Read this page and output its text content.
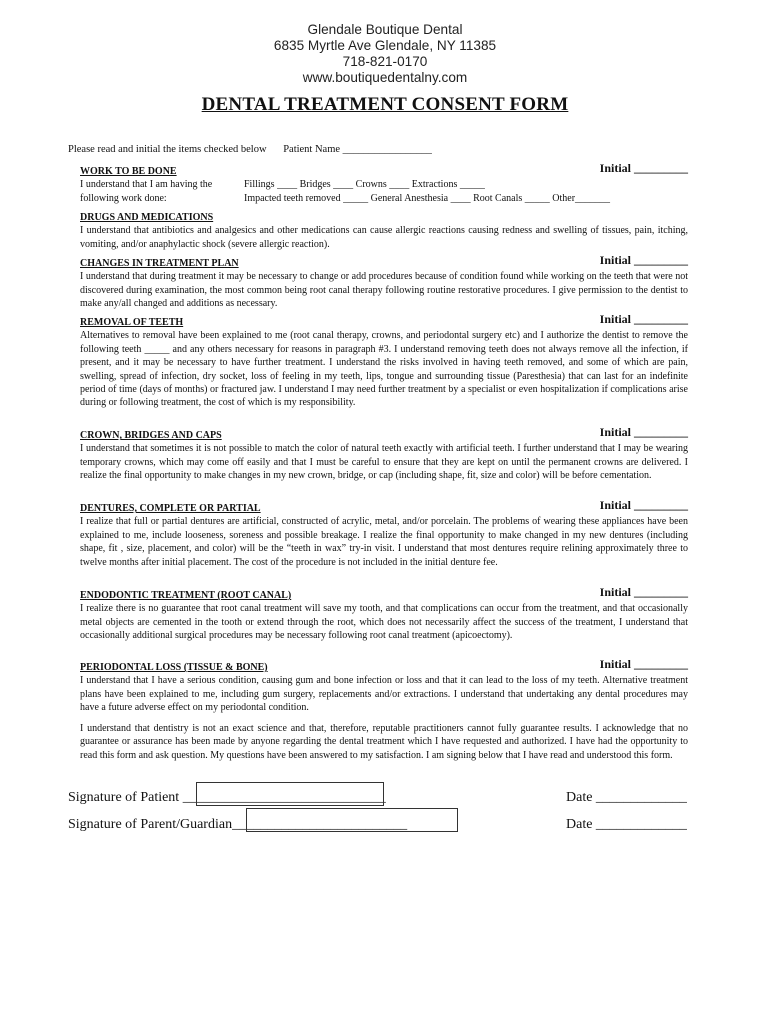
Glendale Boutique Dental
6835 Myrtle Ave Glendale, NY 11385
718-821-0170
www.boutiquedentalny.com
DENTAL TREATMENT CONSENT FORM
Please read and initial the items checked below Patient Name _________________
WORK TO BE DONE	Initial _________
I understand that I am having the following work done:
Fillings ____ Bridges ____ Crowns ____ Extractions _____
Impacted teeth removed _____ General Anesthesia ____ Root Canals _____ Other_______
DRUGS AND MEDICATIONS

I understand that antibiotics and analgesics and other medications can cause allergic reactions causing redness and swelling of tissues, pain, itching, vomiting, and/or anaphylactic shock (severe allergic reaction).

CHANGES IN TREATMENT PLAN	Initial _________

I understand that during treatment it may be necessary to change or add procedures because of condition found while working on the teeth that were not discovered during examination, the most common being root canal therapy following routine restorative procedures. I give permission to the dentist to make any/all changed and additions as necessary.

REMOVAL OF TEETH	Initial _________

Alternatives to removal have been explained to me (root canal therapy, crowns, and periodontal surgery etc) and I authorize the dentist to remove the following teeth _____ and any others necessary for reasons in paragraph #3. I understand removing teeth does not always remove all the infection, if present, and it may be necessary to have further treatment. I understand the risks involved in having teeth removed, and some of which are pain, swelling, spread of infection, dry socket, loss of feeling in my teeth, lips, tongue and surrounding tissue (Paresthesia) that can last for an indefinite period of time (days of months) or fractured jaw. I understand I may need further treatment by a specialist or even hospitalization if complications arise during or following treatment, the cost of which is my responsibility.

CROWN, BRIDGES AND CAPS	Initial _________

I understand that sometimes it is not possible to match the color of natural teeth exactly with artificial teeth. I further understand that I may be wearing temporary crowns, which may come off easily and that I must be careful to ensure that they are kept on until the permanent crowns are delivered. I realize the final opportunity to make changes in my new crown, bridge, or cap (including shape, fit, size and color) will be before cementation.

DENTURES, COMPLETE OR PARTIAL	Initial _________

I realize that full or partial dentures are artificial, constructed of acrylic, metal, and/or porcelain. The problems of wearing these appliances have been explained to me, include looseness, soreness and possible breakage. I realize the final opportunity to make changed in my new dentures (including shape, fit , size, placement, and color) will be the “teeth in wax” try-in visit. I understand that most dentures require relining approximately three to twelve months after initial placement. The cost of the procedure is not included in the initial denture fee.

ENDODONTIC TREATMENT (ROOT CANAL)	Initial _________

I realize there is no guarantee that root canal treatment will save my tooth, and that complications can occur from the treatment, and that occasionally metal objects are cemented in the tooth or extend through the root, which does not necessarily affect the success of the treatment, I understand that occasionally additional surgical procedures may be necessary following root canal treatment (apicoectomy).

PERIODONTAL LOSS (TISSUE & BONE)	Initial _________

I understand that I have a serious condition, causing gum and bone infection or loss and that it can lead to the loss of my teeth. Alternative treatment plans have been explained to me, including gum surgery, replacements and/or extractions. I understand that undertaking any dental procedures may have a future adverse effect on my periodontal condition.

I understand that dentistry is not an exact science and that, therefore, reputable practitioners cannot fully guarantee results. I acknowledge that no guarantee or assurance has been made by anyone regarding the dental treatment which I have requested and authorized. I have had the opportunity to read this form and ask question. My questions have been answered to my satisfaction. I am signing below that I have read and understood this form.

Signature of Patient _____________________________	Date _____________
Signature of Parent/Guardian_________________________	Date _____________
